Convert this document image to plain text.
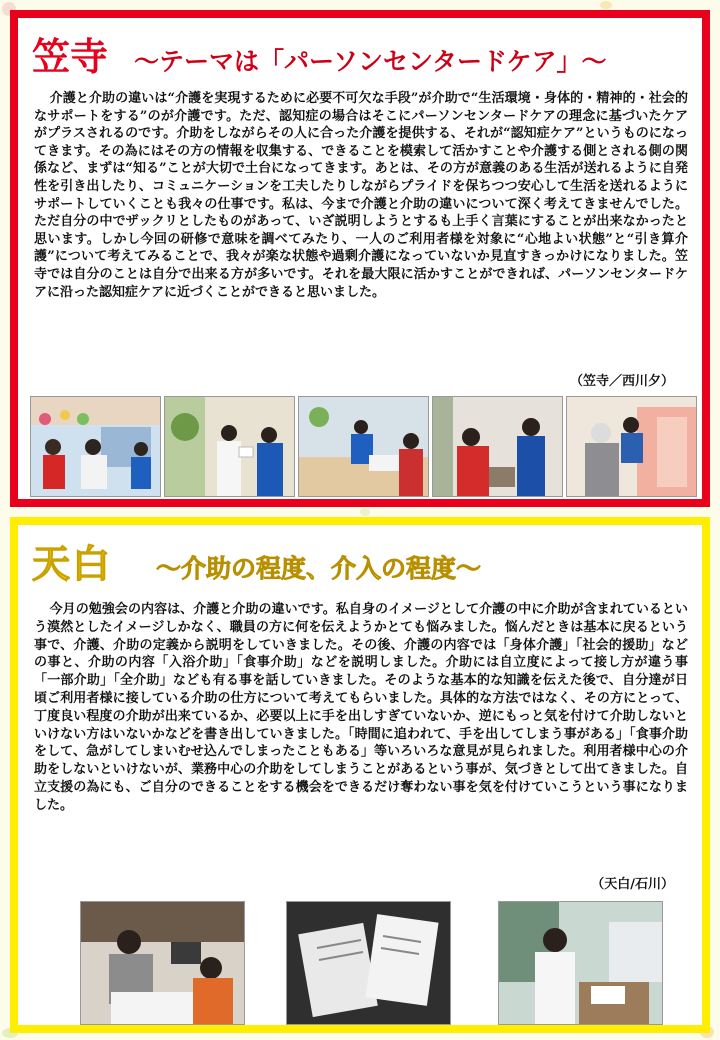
笠寺 ～テーマは「パーソンセンタードケア」～

介護と介助の違いは“介護を実現するために必要不可欠な手段”が介助で“生活環境・身体的・精神的・社会的なサポートをする”のが介護です。ただ、認知症の場合はそこにパーソンセンタードケアの理念に基づいたケアがプラスされるのです。介助をしながらその人に合った介護を提供する、それが“認知症ケア”というものになってきます。その為にはその方の情報を収集する、できることを模索して活かすことや介護する側とされる側の関係など、まずは“知る”ことが大切で土台になってきます。あとは、その方が意義のある生活が送れるように自発性を引き出したり、コミュニケーションを工夫したりしながらプライドを保ちつつ安心して生活を送れるようにサポートしていくことも我々の仕事です。私は、今まで介護と介助の違いについて深く考えてきませんでした。ただ自分の中でザックリとしたものがあって、いざ説明しようとするも上手く言葉にすることが出来なかったと思います。しかし今回の研修で意味を調べてみたり、一人のご利用者様を対象に“心地よい状態”と“引き算介護”について考えてみることで、我々が楽な状態や過剰介護になっていないか見直すきっかけになりました。笠寺では自分のことは自分で出来る方が多いです。それを最大限に活かすことができれば、パーソンセンタードケアに沿った認知症ケアに近づくことができると思いました。

（笠寺／西川夕）

天白 ～介助の程度、介入の程度～

今月の勉強会の内容は、介護と介助の違いです。私自身のイメージとして介護の中に介助が含まれているという漠然としたイメージしかなく、職員の方に何を伝えようかとても悩みました。悩んだときは基本に戻るという事で、介護、介助の定義から説明をしていきました。その後、介護の内容では「身体介護」「社会的援助」などの事と、介助の内容「入浴介助」「食事介助」などを説明しました。介助には自立度によって接し方が違う事「一部介助」「全介助」なども有る事を話していきました。そのような基本的な知識を伝えた後で、自分達が日頃ご利用者様に接している介助の仕方について考えてもらいました。具体的な方法ではなく、その方にとって、丁度良い程度の介助が出来ているか、必要以上に手を出しすぎていないか、逆にもっと気を付けて介助しないといけない方はいないかなどを書き出していきました。「時間に追われて、手を出してしまう事がある」「食事介助をして、急がしてしまいむせ込んでしまったこともある」等いろいろな意見が見られました。利用者様中心の介助をしないといけないが、業務中心の介助をしてしまうことがあるという事が、気づきとして出てきました。自立支援の為にも、ご自分のできることをする機会をできるだけ奪わない事を気を付けていこうという事になりました。

（天白/石川）
